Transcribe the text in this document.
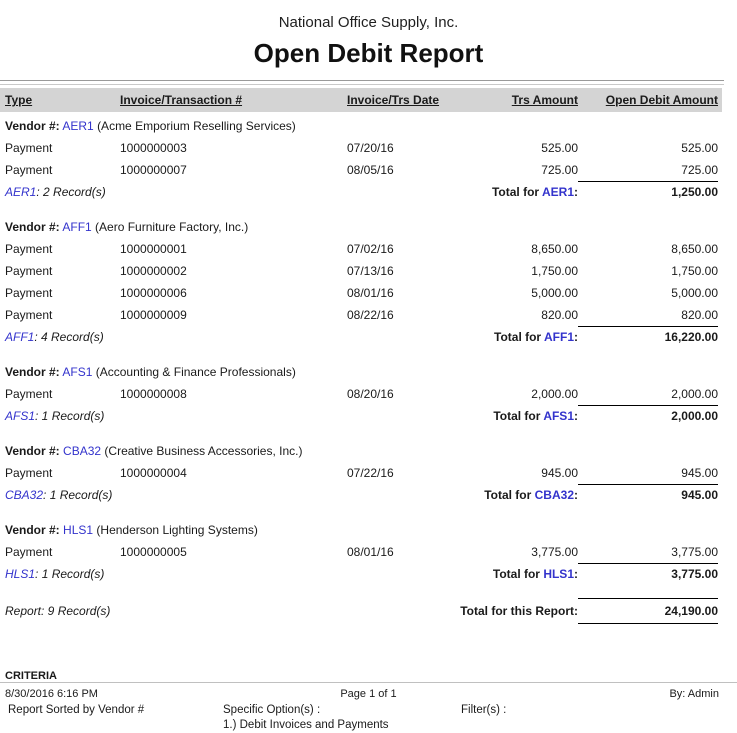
National Office Supply, Inc.
Open Debit Report
Type	Invoice/Transaction #	Invoice/Trs Date	Trs Amount	Open Debit Amount
Vendor #: AER1 (Acme Emporium Reselling Services)
Payment	1000000003	07/20/16	525.00	525.00
Payment	1000000007	08/05/16	725.00	725.00
AER1: 2 Record(s)	Total for AER1:	1,250.00
Vendor #: AFF1 (Aero Furniture Factory, Inc.)
Payment	1000000001	07/02/16	8,650.00	8,650.00
Payment	1000000002	07/13/16	1,750.00	1,750.00
Payment	1000000006	08/01/16	5,000.00	5,000.00
Payment	1000000009	08/22/16	820.00	820.00
AFF1: 4 Record(s)	Total for AFF1:	16,220.00
Vendor #: AFS1 (Accounting & Finance Professionals)
Payment	1000000008	08/20/16	2,000.00	2,000.00
AFS1: 1 Record(s)	Total for AFS1:	2,000.00
Vendor #: CBA32 (Creative Business Accessories, Inc.)
Payment	1000000004	07/22/16	945.00	945.00
CBA32: 1 Record(s)	Total for CBA32:	945.00
Vendor #: HLS1 (Henderson Lighting Systems)
Payment	1000000005	08/01/16	3,775.00	3,775.00
HLS1: 1 Record(s)	Total for HLS1:	3,775.00
Report: 9 Record(s)	Total for this Report:	24,190.00
CRITERIA
Report Sorted by Vendor #	Specific Option(s) :
1.) Debit Invoices and Payments
Filter(s) :
8/30/2016 6:16 PM	Page 1 of 1	By: Admin
